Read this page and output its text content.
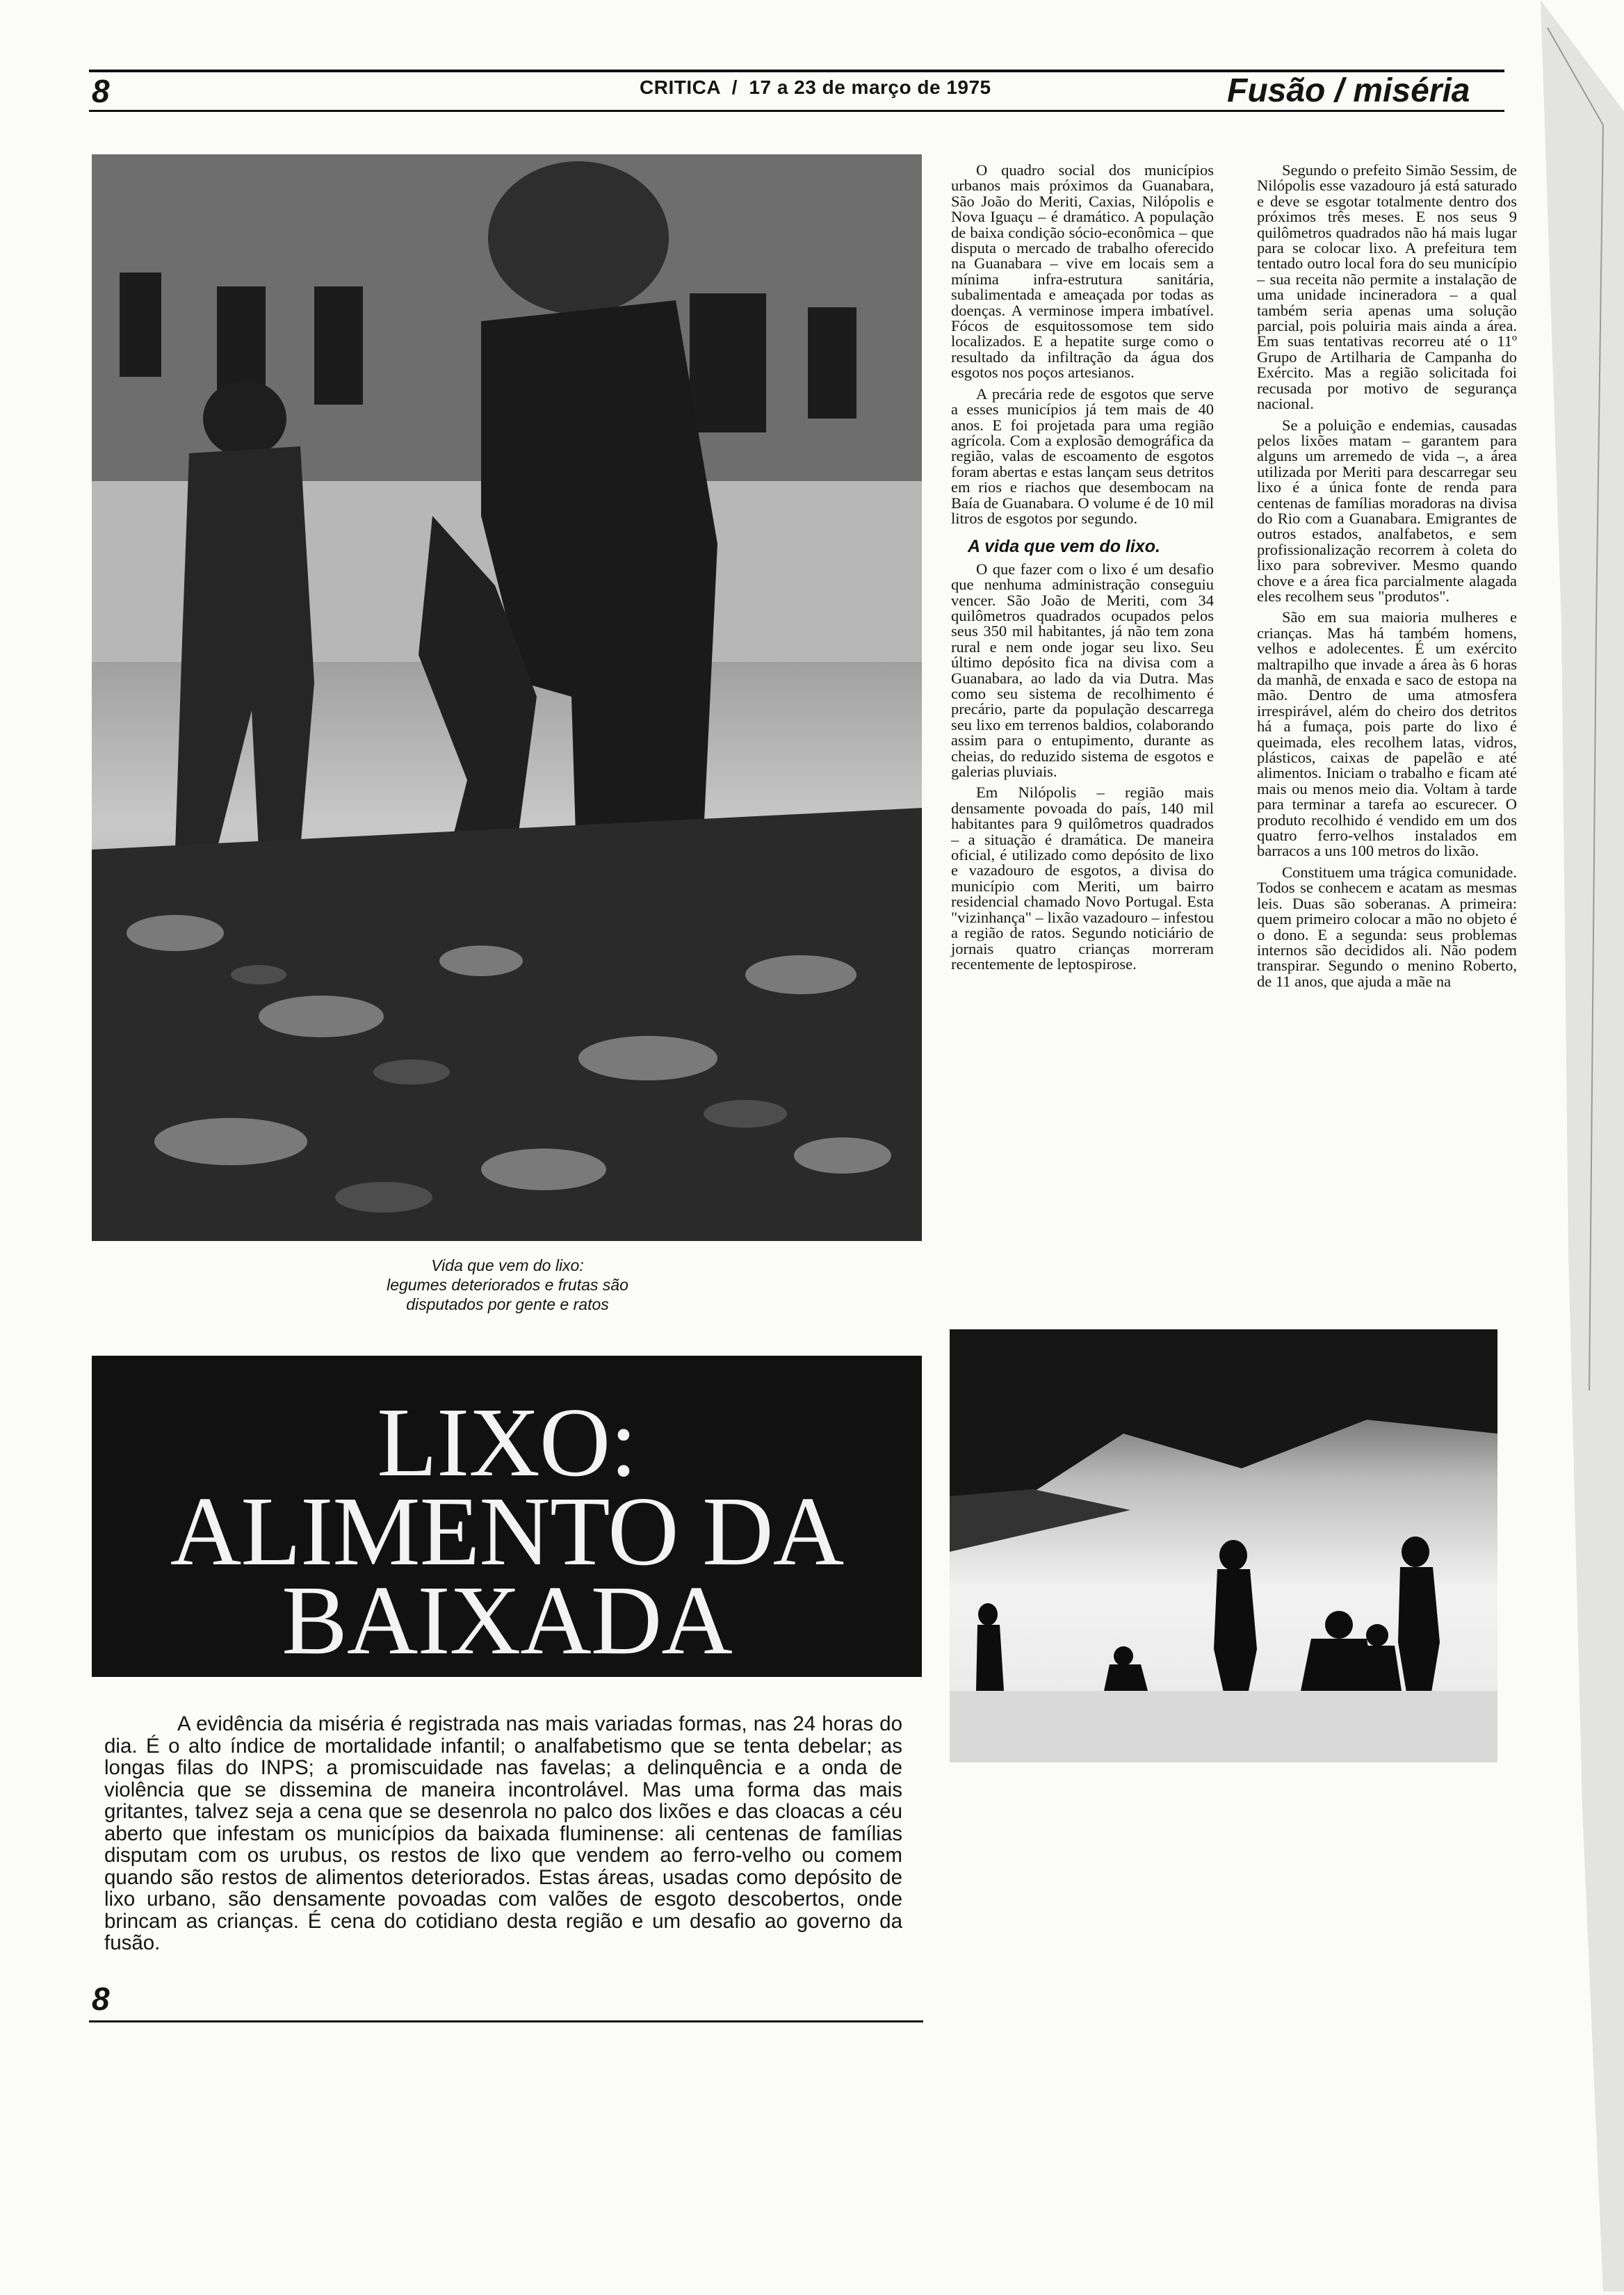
8	CRITICA  /  17 a 23 de março de 1975	Fusão / miséria
Vida que vem do lixo:
legumes deteriorados e frutas são
disputados por gente e ratos

O quadro social dos municípios urbanos mais próximos da Guanabara, São João do Meriti, Caxias, Nilópolis e Nova Iguaçu – é dramático. A população de baixa condição sócio-econômica – que disputa o mercado de trabalho oferecido na Guanabara – vive em locais sem a mínima infra-estrutura sanitária, subalimentada e ameaçada por todas as doenças. A verminose impera imbatível. Fócos de esquitossomose tem sido localizados. E a hepatite surge como o resultado da infiltração da água dos esgotos nos poços artesianos.

A precária rede de esgotos que serve a esses municípios já tem mais de 40 anos. E foi projetada para uma região agrícola. Com a explosão demográfica da região, valas de escoamento de esgotos foram abertas e estas lançam seus detritos em rios e riachos que desembocam na Baía de Guanabara. O volume é de 10 mil litros de esgotos por segundo.

A vida que vem do lixo.

O que fazer com o lixo é um desafio que nenhuma administração conseguiu vencer. São João de Meriti, com 34 quilômetros quadrados ocupados pelos seus 350 mil habitantes, já não tem zona rural e nem onde jogar seu lixo. Seu último depósito fica na divisa com a Guanabara, ao lado da via Dutra. Mas como seu sistema de recolhimento é precário, parte da população descarrega seu lixo em terrenos baldios, colaborando assim para o entupimento, durante as cheias, do reduzido sistema de esgotos e galerias pluviais.

Em Nilópolis – região mais densamente povoada do país, 140 mil habitantes para 9 quilômetros quadrados – a situação é dramática. De maneira oficial, é utilizado como depósito de lixo e vazadouro de esgotos, a divisa do município com Meriti, um bairro residencial chamado Novo Portugal. Esta "vizinhança" – lixão vazadouro – infestou a região de ratos. Segundo noticiário de jornais quatro crianças morreram recentemente de leptospirose.

Segundo o prefeito Simão Sessim, de Nilópolis esse vazadouro já está saturado e deve se esgotar totalmente dentro dos próximos três meses. E nos seus 9 quilômetros quadrados não há mais lugar para se colocar lixo. A prefeitura tem tentado outro local fora do seu município – sua receita não permite a instalação de uma unidade incineradora – a qual também seria apenas uma solução parcial, pois poluiria mais ainda a área. Em suas tentativas recorreu até o 11º Grupo de Artilharia de Campanha do Exército. Mas a região solicitada foi recusada por motivo de segurança nacional.

Se a poluição e endemias, causadas pelos lixões matam – garantem para alguns um arremedo de vida –, a área utilizada por Meriti para descarregar seu lixo é a única fonte de renda para centenas de famílias moradoras na divisa do Rio com a Guanabara. Emigrantes de outros estados, analfabetos, e sem profissionalização recorrem à coleta do lixo para sobreviver. Mesmo quando chove e a área fica parcialmente alagada eles recolhem seus "produtos".

São em sua maioria mulheres e crianças. Mas há também homens, velhos e adolecentes. É um exército maltrapilho que invade a área às 6 horas da manhã, de enxada e saco de estopa na mão. Dentro de uma atmosfera irrespirável, além do cheiro dos detritos há a fumaça, pois parte do lixo é queimada, eles recolhem latas, vidros, plásticos, caixas de papelão e até alimentos. Iniciam o trabalho e ficam até mais ou menos meio dia. Voltam à tarde para terminar a tarefa ao escurecer. O produto recolhido é vendido em um dos quatro ferro-velhos instalados em barracos a uns 100 metros do lixão.

Constituem uma trágica comunidade. Todos se conhecem e acatam as mesmas leis. Duas são soberanas. A primeira: quem primeiro colocar a mão no objeto é o dono. E a segunda: seus problemas internos são decididos ali. Não podem transpirar. Segundo o menino Roberto, de 11 anos, que ajuda a mãe na

LIXO:
ALIMENTO DA
BAIXADA
A evidência da miséria é registrada nas mais variadas formas, nas 24 horas do dia. É o alto índice de mortalidade infantil; o analfabetismo que se tenta debelar; as longas filas do INPS; a promiscuidade nas favelas; a delinquência e a onda de violência que se dissemina de maneira incontrolável. Mas uma forma das mais gritantes, talvez seja a cena que se desenrola no palco dos lixões e das cloacas a céu aberto que infestam os municípios da baixada fluminense: ali centenas de famílias disputam com os urubus, os restos de lixo que vendem ao ferro-velho ou comem quando são restos de alimentos deteriorados. Estas áreas, usadas como depósito de lixo urbano, são densamente povoadas com valões de esgoto descobertos, onde brincam as crianças. É cena do cotidiano desta região e um desafio ao governo da fusão.
8
